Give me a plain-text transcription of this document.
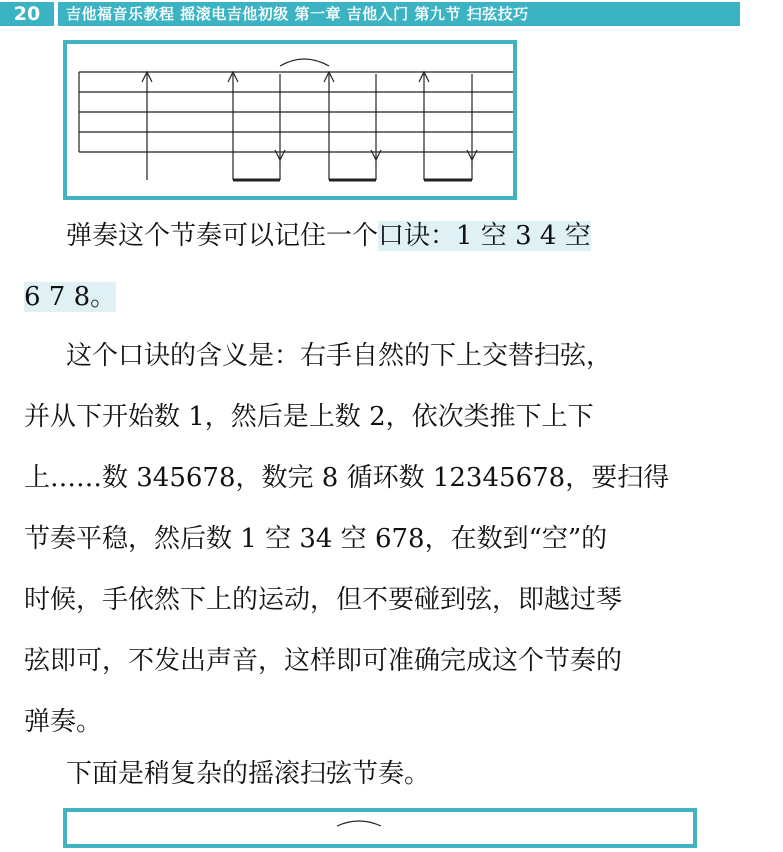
20	吉他福音乐教程 摇滚电吉他初级 第一章 吉他入门 第九节 扫弦技巧

弹奏这个节奏可以记住一个口诀：1 空 3 4 空
6 7 8。

这个口诀的含义是：右手自然的下上交替扫弦，
并从下开始数 1，然后是上数 2，依次类推下上下
上……数 345678，数完 8 循环数 12345678，要扫得
节奏平稳，然后数 1 空 34 空 678，在数到“空”的
时候，手依然下上的运动，但不要碰到弦，即越过琴
弦即可，不发出声音，这样即可准确完成这个节奏的
弹奏。

下面是稍复杂的摇滚扫弦节奏。
